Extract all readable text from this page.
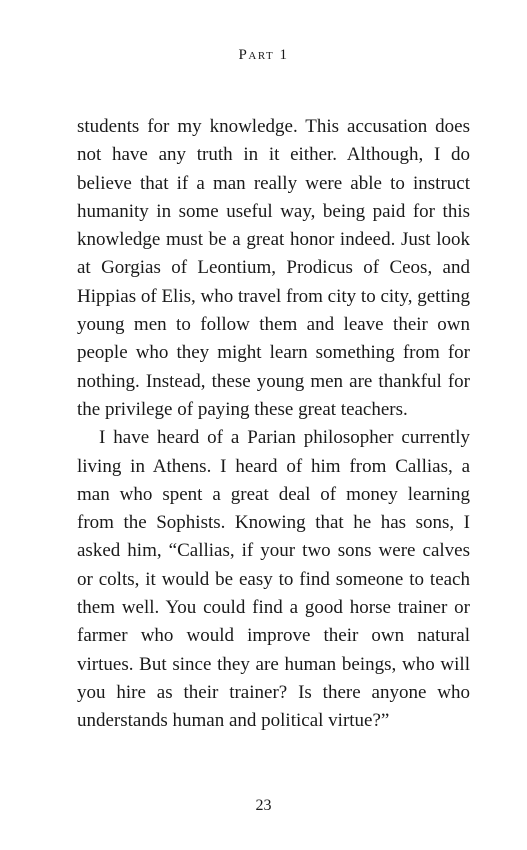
Part 1

students for my knowledge. This accusation does not have any truth in it either. Although, I do believe that if a man really were able to instruct humanity in some useful way, being paid for this knowledge must be a great honor indeed. Just look at Gorgias of Leontium, Prodicus of Ceos, and Hippias of Elis, who travel from city to city, getting young men to follow them and leave their own people who they might learn something from for nothing. Instead, these young men are thankful for the privilege of paying these great teachers.

I have heard of a Parian philosopher currently living in Athens. I heard of him from Callias, a man who spent a great deal of money learning from the Sophists. Knowing that he has sons, I asked him, “Callias, if your two sons were calves or colts, it would be easy to find someone to teach them well. You could find a good horse trainer or farmer who would improve their own natural virtues. But since they are human beings, who will you hire as their trainer? Is there anyone who understands human and political virtue?”

23
